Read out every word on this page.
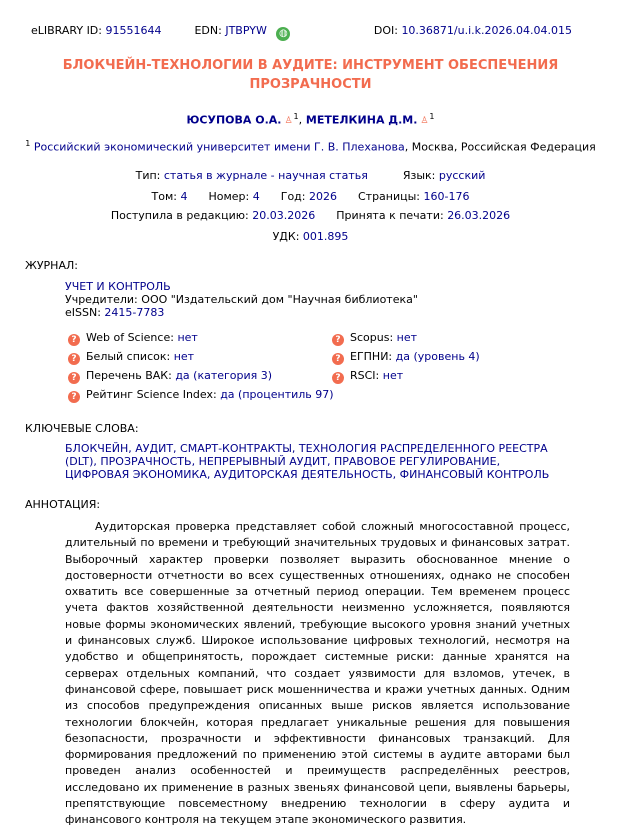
eLIBRARY ID: 91551644	EDN: JTBPYW ◍	DOI: 10.36871/u.i.k.2026.04.04.015
БЛОКЧЕЙН-ТЕХНОЛОГИИ В АУДИТЕ: ИНСТРУМЕНТ ОБЕСПЕЧЕНИЯ ПРОЗРАЧНОСТИ
ЮСУПОВА О.А. ♙$^1$, МЕТЕЛКИНА Д.М. ♙$^1$
$^1$ Российский экономический университет имени Г. В. Плеханова, Москва, Российская Федерация
Тип: статья в журнале - научная статья	Язык: русский
Том: 4 Номер: 4 Год: 2026 Страницы: 160-176
Поступила в редакцию: 20.03.2026 Принята к печати: 26.03.2026
УДК: 001.895
ЖУРНАЛ:
УЧЕТ И КОНТРОЛЬ
Учредители: ООО "Издательский дом "Научная библиотека"
eISSN: 2415-7783
? Web of Science: нет	? Scopus: нет
? Белый список: нет	? ЕГПНИ: да (уровень 4)
? Перечень ВАК: да (категория 3)	? RSCI: нет
? Рейтинг Science Index: да (процентиль 97)
КЛЮЧЕВЫЕ СЛОВА:
БЛОКЧЕЙН, АУДИТ, СМАРТ-КОНТРАКТЫ, ТЕХНОЛОГИЯ РАСПРЕДЕЛЕННОГО РЕЕСТРА (DLT), ПРОЗРАЧНОСТЬ, НЕПРЕРЫВНЫЙ АУДИТ, ПРАВОВОЕ РЕГУЛИРОВАНИЕ, ЦИФРОВАЯ ЭКОНОМИКА, АУДИТОРСКАЯ ДЕЯТЕЛЬНОСТЬ, ФИНАНСОВЫЙ КОНТРОЛЬ
АННОТАЦИЯ:
Аудиторская проверка представляет собой сложный многосоставной процесс, длительный по времени и требующий значительных трудовых и финансовых затрат. Выборочный характер проверки позволяет выразить обоснованное мнение о достоверности отчетности во всех существенных отношениях, однако не способен охватить все совершенные за отчетный период операции. Тем временем процесс учета фактов хозяйственной деятельности неизменно усложняется, появляются новые формы экономических явлений, требующие высокого уровня знаний учетных и финансовых служб. Широкое использование цифровых технологий, несмотря на удобство и общепринятость, порождает системные риски: данные хранятся на серверах отдельных компаний, что создает уязвимости для взломов, утечек, в финансовой сфере, повышает риск мошенничества и кражи учетных данных. Одним из способов предупреждения описанных выше рисков является использование технологии блокчейн, которая предлагает уникальные решения для повышения безопасности, прозрачности и эффективности финансовых транзакций. Для формирования предложений по применению этой системы в аудите авторами был проведен анализ особенностей и преимуществ распределённых реестров, исследовано их применение в разных звеньях финансовой цепи, выявлены барьеры, препятствующие повсеместному внедрению технологии в сферу аудита и финансового контроля на текущем этапе экономического развития.
